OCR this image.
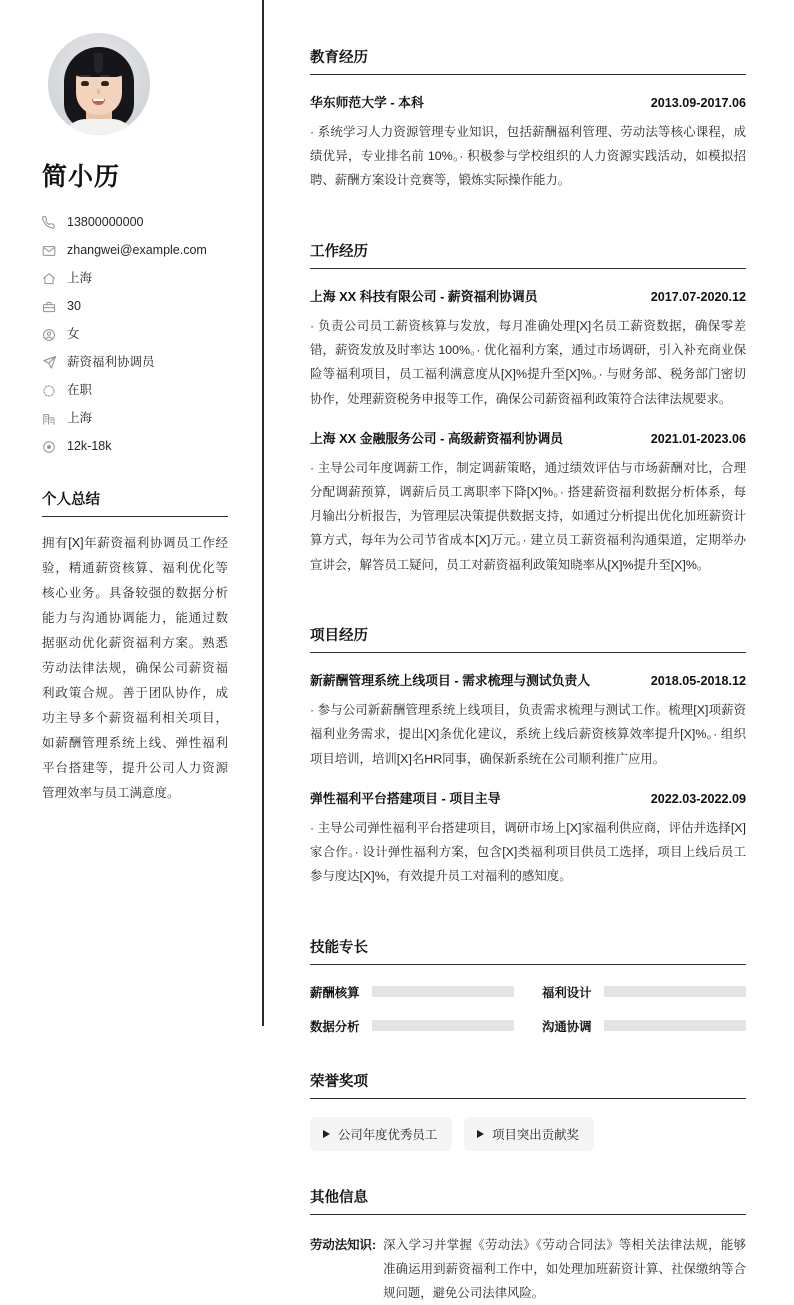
简小历
13800000000
zhangwei@example.com
上海
30
女
薪资福利协调员
在职
上海
12k-18k
个人总结

拥有[X]年薪资福利协调员工作经验，精通薪资核算、福利优化等核心业务。具备较强的数据分析能力与沟通协调能力，能通过数据驱动优化薪资福利方案。熟悉劳动法律法规，确保公司薪资福利政策合规。善于团队协作，成功主导多个薪资福利相关项目，如薪酬管理系统上线、弹性福利平台搭建等，提升公司人力资源管理效率与员工满意度。

教育经历
华东师范大学 - 本科	2013.09-2017.06

· 系统学习人力资源管理专业知识，包括薪酬福利管理、劳动法等核心课程，成绩优异，专业排名前 10%。· 积极参与学校组织的人力资源实践活动，如模拟招聘、薪酬方案设计竞赛等，锻炼实际操作能力。

工作经历
上海 XX 科技有限公司 - 薪资福利协调员	2017.07-2020.12

· 负责公司员工薪资核算与发放，每月准确处理[X]名员工薪资数据，确保零差错，薪资发放及时率达 100%。· 优化福利方案，通过市场调研，引入补充商业保险等福利项目，员工福利满意度从[X]%提升至[X]%。· 与财务部、税务部门密切协作，处理薪资税务申报等工作，确保公司薪资福利政策符合法律法规要求。

上海 XX 金融服务公司 - 高级薪资福利协调员	2021.01-2023.06

· 主导公司年度调薪工作，制定调薪策略，通过绩效评估与市场薪酬对比，合理分配调薪预算，调薪后员工离职率下降[X]%。· 搭建薪资福利数据分析体系，每月输出分析报告，为管理层决策提供数据支持，如通过分析提出优化加班薪资计算方式，每年为公司节省成本[X]万元。· 建立员工薪资福利沟通渠道，定期举办宣讲会，解答员工疑问，员工对薪资福利政策知晓率从[X]%提升至[X]%。

项目经历
新薪酬管理系统上线项目 - 需求梳理与测试负责人	2018.05-2018.12

· 参与公司新薪酬管理系统上线项目，负责需求梳理与测试工作。梳理[X]项薪资福利业务需求，提出[X]条优化建议，系统上线后薪资核算效率提升[X]%。· 组织项目培训，培训[X]名HR同事，确保新系统在公司顺利推广应用。

弹性福利平台搭建项目 - 项目主导	2022.03-2022.09

· 主导公司弹性福利平台搭建项目，调研市场上[X]家福利供应商，评估并选择[X]家合作。· 设计弹性福利方案，包含[X]类福利项目供员工选择，项目上线后员工参与度达[X]%，有效提升员工对福利的感知度。

技能专长
薪酬核算	福利设计
数据分析	沟通协调
荣誉奖项
公司年度优秀员工	项目突出贡献奖
其他信息
劳动法知识: 深入学习并掌握《劳动法》《劳动合同法》等相关法律法规，能够准确运用到薪资福利工作中，如处理加班薪资计算、社保缴纳等合规问题，避免公司法律风险。
